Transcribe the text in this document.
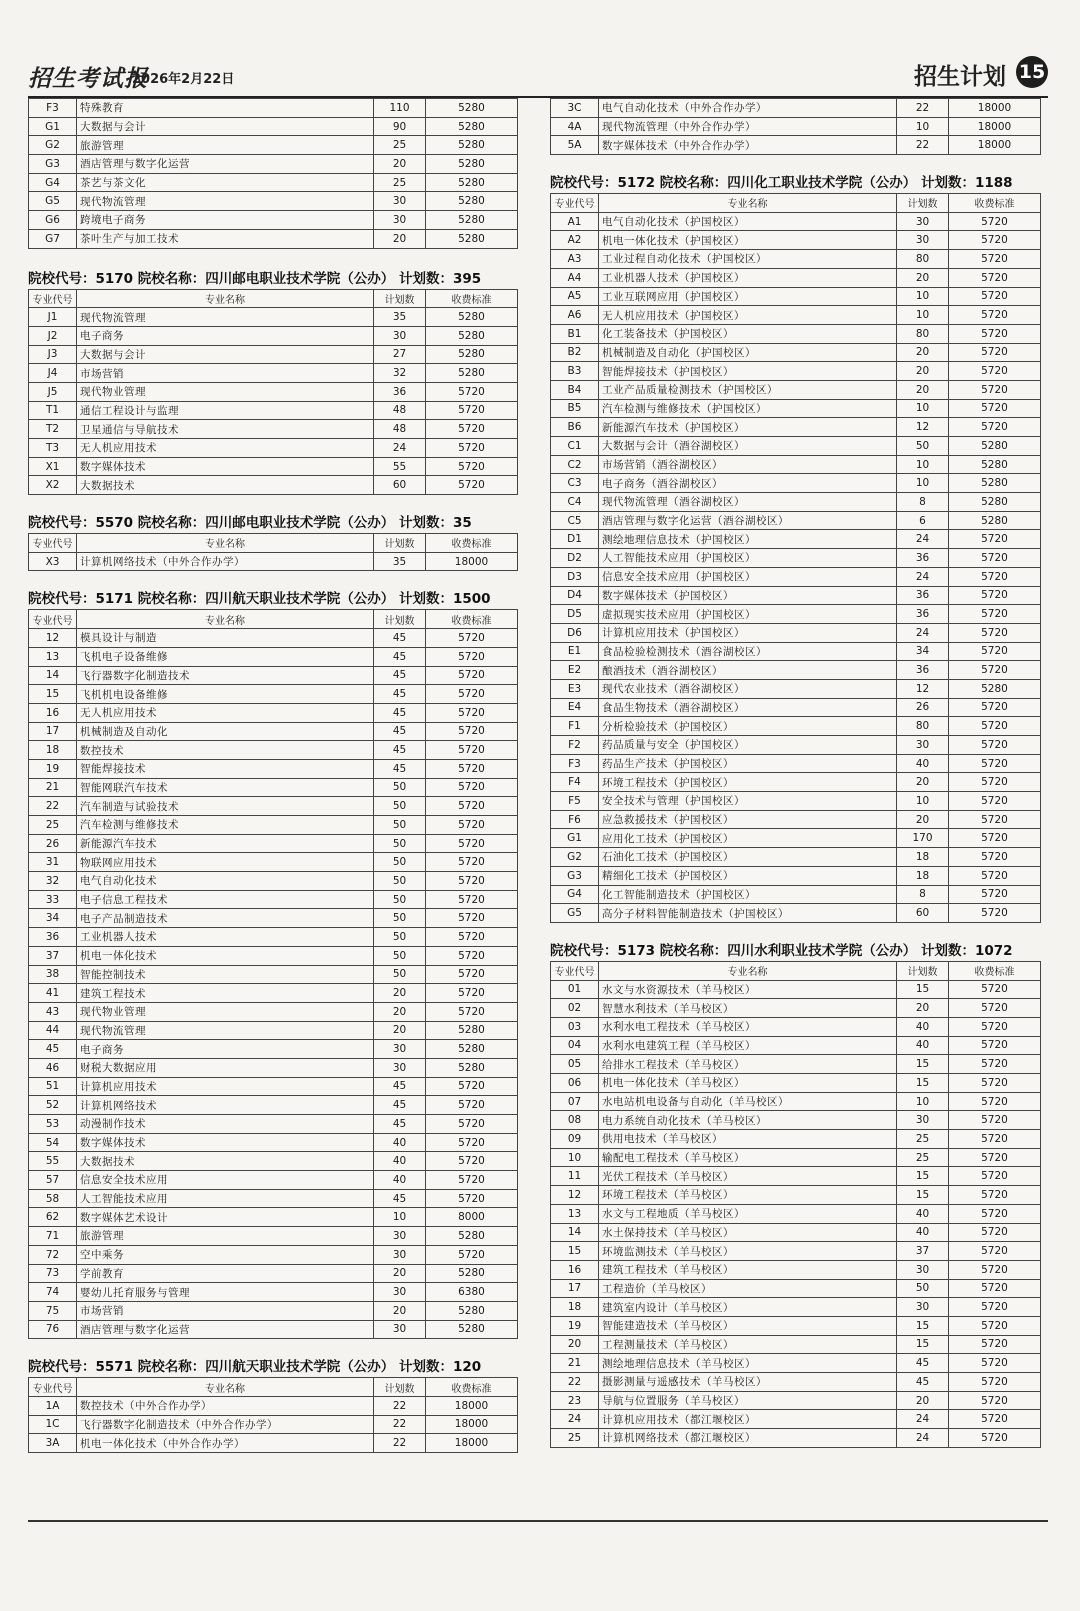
招生考试报
2026年2月22日	招生计划 15
F3	特殊教育	110	5280
G1	大数据与会计	90	5280
G2	旅游管理	25	5280
G3	酒店管理与数字化运营	20	5280
G4	茶艺与茶文化	25	5280
G5	现代物流管理	30	5280
G6	跨境电子商务	30	5280
G7	茶叶生产与加工技术	20	5280
院校代号：5170 院校名称：四川邮电职业技术学院（公办） 计划数：395
专业代号	专业名称	计划数	收费标准
J1	现代物流管理	35	5280
J2	电子商务	30	5280
J3	大数据与会计	27	5280
J4	市场营销	32	5280
J5	现代物业管理	36	5720
T1	通信工程设计与监理	48	5720
T2	卫星通信与导航技术	48	5720
T3	无人机应用技术	24	5720
X1	数字媒体技术	55	5720
X2	大数据技术	60	5720
院校代号：5570 院校名称：四川邮电职业技术学院（公办） 计划数：35
专业代号	专业名称	计划数	收费标准
X3	计算机网络技术（中外合作办学）	35	18000
院校代号：5171 院校名称：四川航天职业技术学院（公办） 计划数：1500
专业代号	专业名称	计划数	收费标准
12	模具设计与制造	45	5720
13	飞机电子设备维修	45	5720
14	飞行器数字化制造技术	45	5720
15	飞机机电设备维修	45	5720
16	无人机应用技术	45	5720
17	机械制造及自动化	45	5720
18	数控技术	45	5720
19	智能焊接技术	45	5720
21	智能网联汽车技术	50	5720
22	汽车制造与试验技术	50	5720
25	汽车检测与维修技术	50	5720
26	新能源汽车技术	50	5720
31	物联网应用技术	50	5720
32	电气自动化技术	50	5720
33	电子信息工程技术	50	5720
34	电子产品制造技术	50	5720
36	工业机器人技术	50	5720
37	机电一体化技术	50	5720
38	智能控制技术	50	5720
41	建筑工程技术	20	5720
43	现代物业管理	20	5720
44	现代物流管理	20	5280
45	电子商务	30	5280
46	财税大数据应用	30	5280
51	计算机应用技术	45	5720
52	计算机网络技术	45	5720
53	动漫制作技术	45	5720
54	数字媒体技术	40	5720
55	大数据技术	40	5720
57	信息安全技术应用	40	5720
58	人工智能技术应用	45	5720
62	数字媒体艺术设计	10	8000
71	旅游管理	30	5280
72	空中乘务	30	5720
73	学前教育	20	5280
74	婴幼儿托育服务与管理	30	6380
75	市场营销	20	5280
76	酒店管理与数字化运营	30	5280
院校代号：5571 院校名称：四川航天职业技术学院（公办） 计划数：120
专业代号	专业名称	计划数	收费标准
1A	数控技术（中外合作办学）	22	18000
1C	飞行器数字化制造技术（中外合作办学）	22	18000
3A	机电一体化技术（中外合作办学）	22	18000
3C	电气自动化技术（中外合作办学）	22	18000
4A	现代物流管理（中外合作办学）	10	18000
5A	数字媒体技术（中外合作办学）	22	18000
院校代号：5172 院校名称：四川化工职业技术学院（公办） 计划数：1188
专业代号	专业名称	计划数	收费标准
A1	电气自动化技术（护国校区）	30	5720
A2	机电一体化技术（护国校区）	30	5720
A3	工业过程自动化技术（护国校区）	80	5720
A4	工业机器人技术（护国校区）	20	5720
A5	工业互联网应用（护国校区）	10	5720
A6	无人机应用技术（护国校区）	10	5720
B1	化工装备技术（护国校区）	80	5720
B2	机械制造及自动化（护国校区）	20	5720
B3	智能焊接技术（护国校区）	20	5720
B4	工业产品质量检测技术（护国校区）	20	5720
B5	汽车检测与维修技术（护国校区）	10	5720
B6	新能源汽车技术（护国校区）	12	5720
C1	大数据与会计（酒谷湖校区）	50	5280
C2	市场营销（酒谷湖校区）	10	5280
C3	电子商务（酒谷湖校区）	10	5280
C4	现代物流管理（酒谷湖校区）	8	5280
C5	酒店管理与数字化运营（酒谷湖校区）	6	5280
D1	测绘地理信息技术（护国校区）	24	5720
D2	人工智能技术应用（护国校区）	36	5720
D3	信息安全技术应用（护国校区）	24	5720
D4	数字媒体技术（护国校区）	36	5720
D5	虚拟现实技术应用（护国校区）	36	5720
D6	计算机应用技术（护国校区）	24	5720
E1	食品检验检测技术（酒谷湖校区）	34	5720
E2	酿酒技术（酒谷湖校区）	36	5720
E3	现代农业技术（酒谷湖校区）	12	5280
E4	食品生物技术（酒谷湖校区）	26	5720
F1	分析检验技术（护国校区）	80	5720
F2	药品质量与安全（护国校区）	30	5720
F3	药品生产技术（护国校区）	40	5720
F4	环境工程技术（护国校区）	20	5720
F5	安全技术与管理（护国校区）	10	5720
F6	应急救援技术（护国校区）	20	5720
G1	应用化工技术（护国校区）	170	5720
G2	石油化工技术（护国校区）	18	5720
G3	精细化工技术（护国校区）	18	5720
G4	化工智能制造技术（护国校区）	8	5720
G5	高分子材料智能制造技术（护国校区）	60	5720
院校代号：5173 院校名称：四川水利职业技术学院（公办） 计划数：1072
专业代号	专业名称	计划数	收费标准
01	水文与水资源技术（羊马校区）	15	5720
02	智慧水利技术（羊马校区）	20	5720
03	水利水电工程技术（羊马校区）	40	5720
04	水利水电建筑工程（羊马校区）	40	5720
05	给排水工程技术（羊马校区）	15	5720
06	机电一体化技术（羊马校区）	15	5720
07	水电站机电设备与自动化（羊马校区）	10	5720
08	电力系统自动化技术（羊马校区）	30	5720
09	供用电技术（羊马校区）	25	5720
10	输配电工程技术（羊马校区）	25	5720
11	光伏工程技术（羊马校区）	15	5720
12	环境工程技术（羊马校区）	15	5720
13	水文与工程地质（羊马校区）	40	5720
14	水土保持技术（羊马校区）	40	5720
15	环境监测技术（羊马校区）	37	5720
16	建筑工程技术（羊马校区）	30	5720
17	工程造价（羊马校区）	50	5720
18	建筑室内设计（羊马校区）	30	5720
19	智能建造技术（羊马校区）	15	5720
20	工程测量技术（羊马校区）	15	5720
21	测绘地理信息技术（羊马校区）	45	5720
22	摄影测量与遥感技术（羊马校区）	45	5720
23	导航与位置服务（羊马校区）	20	5720
24	计算机应用技术（都江堰校区）	24	5720
25	计算机网络技术（都江堰校区）	24	5720
